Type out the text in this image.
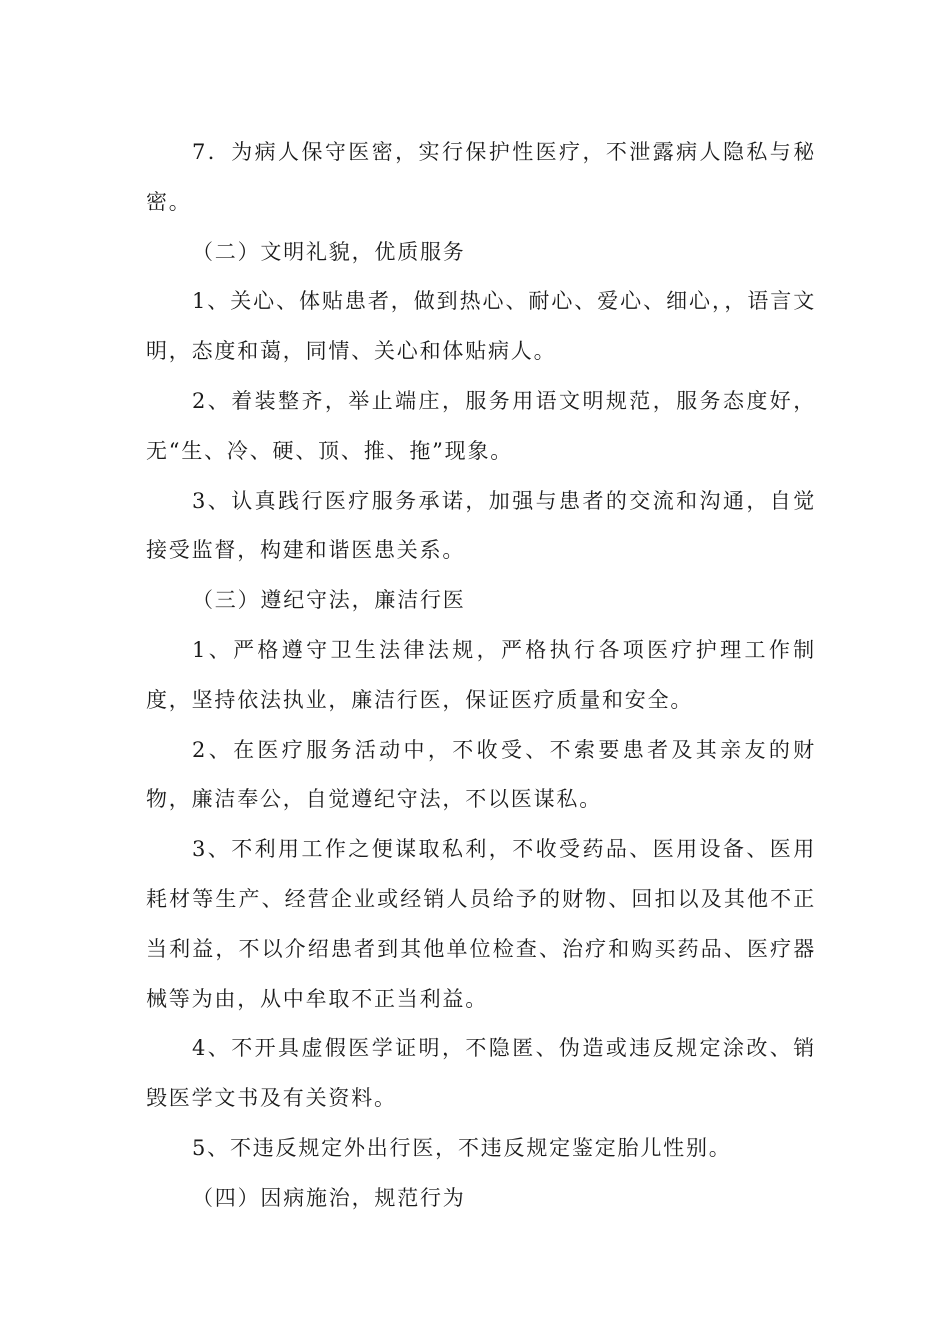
7．为病人保守医密，实行保护性医疗，不泄露病人隐私与秘密。

（二）文明礼貌，优质服务

1、关心、体贴患者，做到热心、耐心、爱心、细心，，语言文明，态度和蔼，同情、关心和体贴病人。

2、着装整齐，举止端庄，服务用语文明规范，服务态度好，无“生、冷、硬、顶、推、拖”现象。

3、认真践行医疗服务承诺，加强与患者的交流和沟通，自觉接受监督，构建和谐医患关系。

（三）遵纪守法，廉洁行医

1、严格遵守卫生法律法规，严格执行各项医疗护理工作制度，坚持依法执业，廉洁行医，保证医疗质量和安全。

2、在医疗服务活动中，不收受、不索要患者及其亲友的财物，廉洁奉公，自觉遵纪守法，不以医谋私。

3、不利用工作之便谋取私利，不收受药品、医用设备、医用耗材等生产、经营企业或经销人员给予的财物、回扣以及其他不正当利益，不以介绍患者到其他单位检查、治疗和购买药品、医疗器械等为由，从中牟取不正当利益。

4、不开具虚假医学证明，不隐匿、伪造或违反规定涂改、销毁医学文书及有关资料。

5、不违反规定外出行医，不违反规定鉴定胎儿性别。

（四）因病施治，规范行为
